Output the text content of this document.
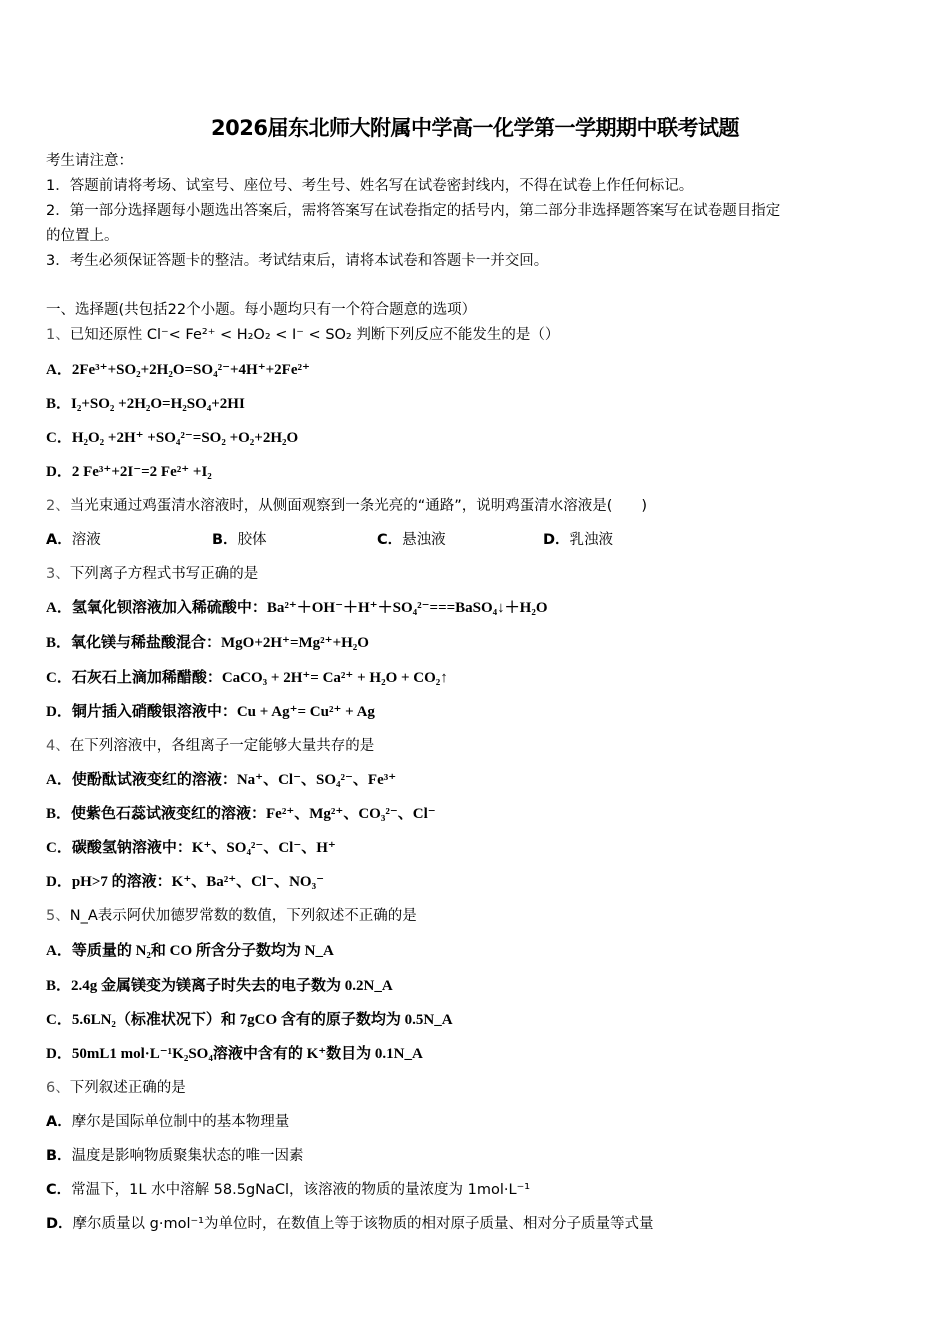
2026届东北师大附属中学高一化学第一学期期中联考试题
考生请注意：
1．答题前请将考场、试室号、座位号、考生号、姓名写在试卷密封线内，不得在试卷上作任何标记。
2．第一部分选择题每小题选出答案后，需将答案写在试卷指定的括号内，第二部分非选择题答案写在试卷题目指定
的位置上。
3．考生必须保证答题卡的整洁。考试结束后，请将本试卷和答题卡一并交回。
一、选择题(共包括22个小题。每小题均只有一个符合题意的选项）
1、已知还原性 Cl⁻< Fe²⁺ < H₂O₂ < I⁻ < SO₂ 判断下列反应不能发生的是（）
A．2Fe³⁺+SO₂+2H₂O=SO₄²⁻+4H⁺+2Fe²⁺
B．I₂+SO₂ +2H₂O=H₂SO₄+2HI
C．H₂O₂ +2H⁺ +SO₄²⁻=SO₂ +O₂+2H₂O
D．2 Fe³⁺+2I⁻=2 Fe²⁺ +I₂
2、当光束通过鸡蛋清水溶液时，从侧面观察到一条光亮的“通路”，说明鸡蛋清水溶液是(　　)
A．溶液	B．胶体	C．悬浊液	D．乳浊液
3、下列离子方程式书写正确的是
A．氢氧化钡溶液加入稀硫酸中：Ba²⁺＋OH⁻＋H⁺＋SO₄²⁻===BaSO₄↓＋H₂O
B．氧化镁与稀盐酸混合：MgO+2H⁺=Mg²⁺+H₂O
C．石灰石上滴加稀醋酸：CaCO₃ + 2H⁺= Ca²⁺ + H₂O + CO₂↑
D．铜片插入硝酸银溶液中：Cu + Ag⁺= Cu²⁺ + Ag
4、在下列溶液中，各组离子一定能够大量共存的是
A．使酚酞试液变红的溶液：Na⁺、Cl⁻、SO₄²⁻、Fe³⁺
B．使紫色石蕊试液变红的溶液：Fe²⁺、Mg²⁺、CO₃²⁻、Cl⁻
C．碳酸氢钠溶液中：K⁺、SO₄²⁻、Cl⁻、H⁺
D．pH>7 的溶液：K⁺、Ba²⁺、Cl⁻、NO₃⁻
5、N_A表示阿伏加德罗常数的数值，下列叙述不正确的是
A．等质量的 N₂和 CO 所含分子数均为 N_A
B．2.4g 金属镁变为镁离子时失去的电子数为 0.2N_A
C．5.6LN₂（标准状况下）和 7gCO 含有的原子数均为 0.5N_A
D．50mL1 mol·L⁻¹K₂SO₄溶液中含有的 K⁺数目为 0.1N_A
6、下列叙述正确的是
A．摩尔是国际单位制中的基本物理量
B．温度是影响物质聚集状态的唯一因素
C．常温下，1L 水中溶解 58.5gNaCl，该溶液的物质的量浓度为 1mol·L⁻¹
D．摩尔质量以 g·mol⁻¹为单位时，在数值上等于该物质的相对原子质量、相对分子质量等式量
